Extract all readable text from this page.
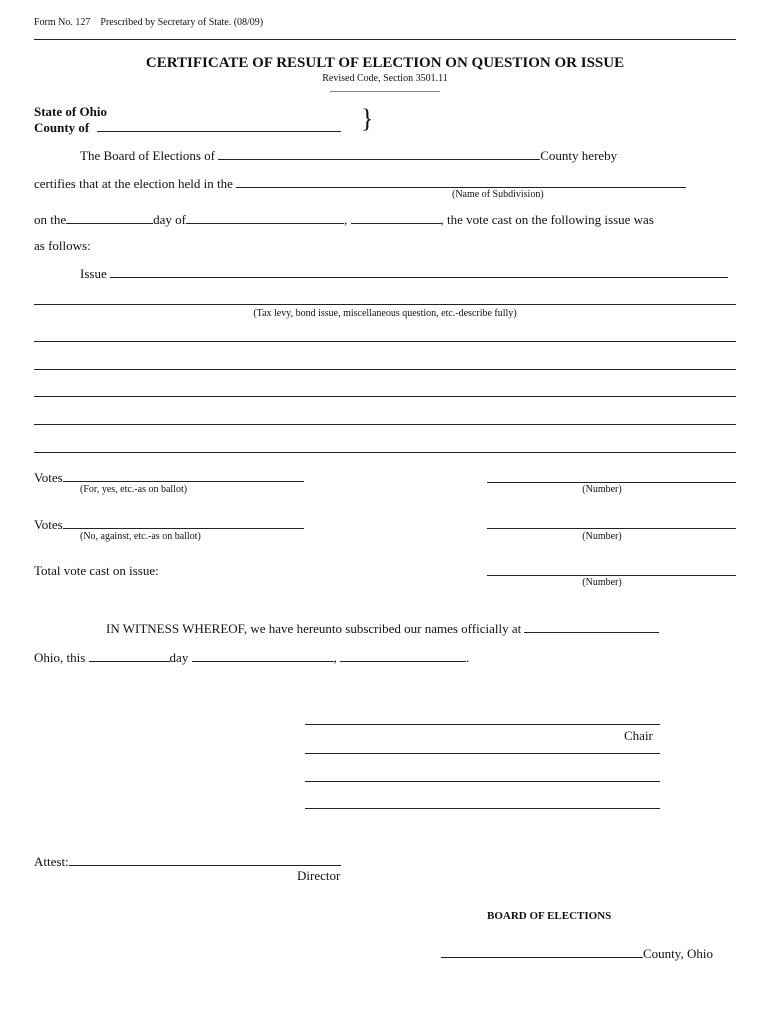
Form No. 127 Prescribed by Secretary of State. (08/09)
CERTIFICATE OF RESULT OF ELECTION ON QUESTION OR ISSUE
Revised Code, Section 3501.11
State of Ohio
County of	}
The Board of Elections of	County hereby
certifies that at the election held in the
(Name of Subdivision)
on the	day of	,	, the vote cast on the following issue was
as follows:
Issue
(Tax levy, bond issue, miscellaneous question, etc.-describe fully)
Votes
(For, yes, etc.-as on ballot)	(Number)
Votes
(No, against, etc.-as on ballot)	(Number)
Total vote cast on issue:
(Number)
IN WITNESS WHEREOF, we have hereunto subscribed our names officially at
Ohio, this	day	,	.
Chair
Attest:
Director
BOARD OF ELECTIONS
County, Ohio
